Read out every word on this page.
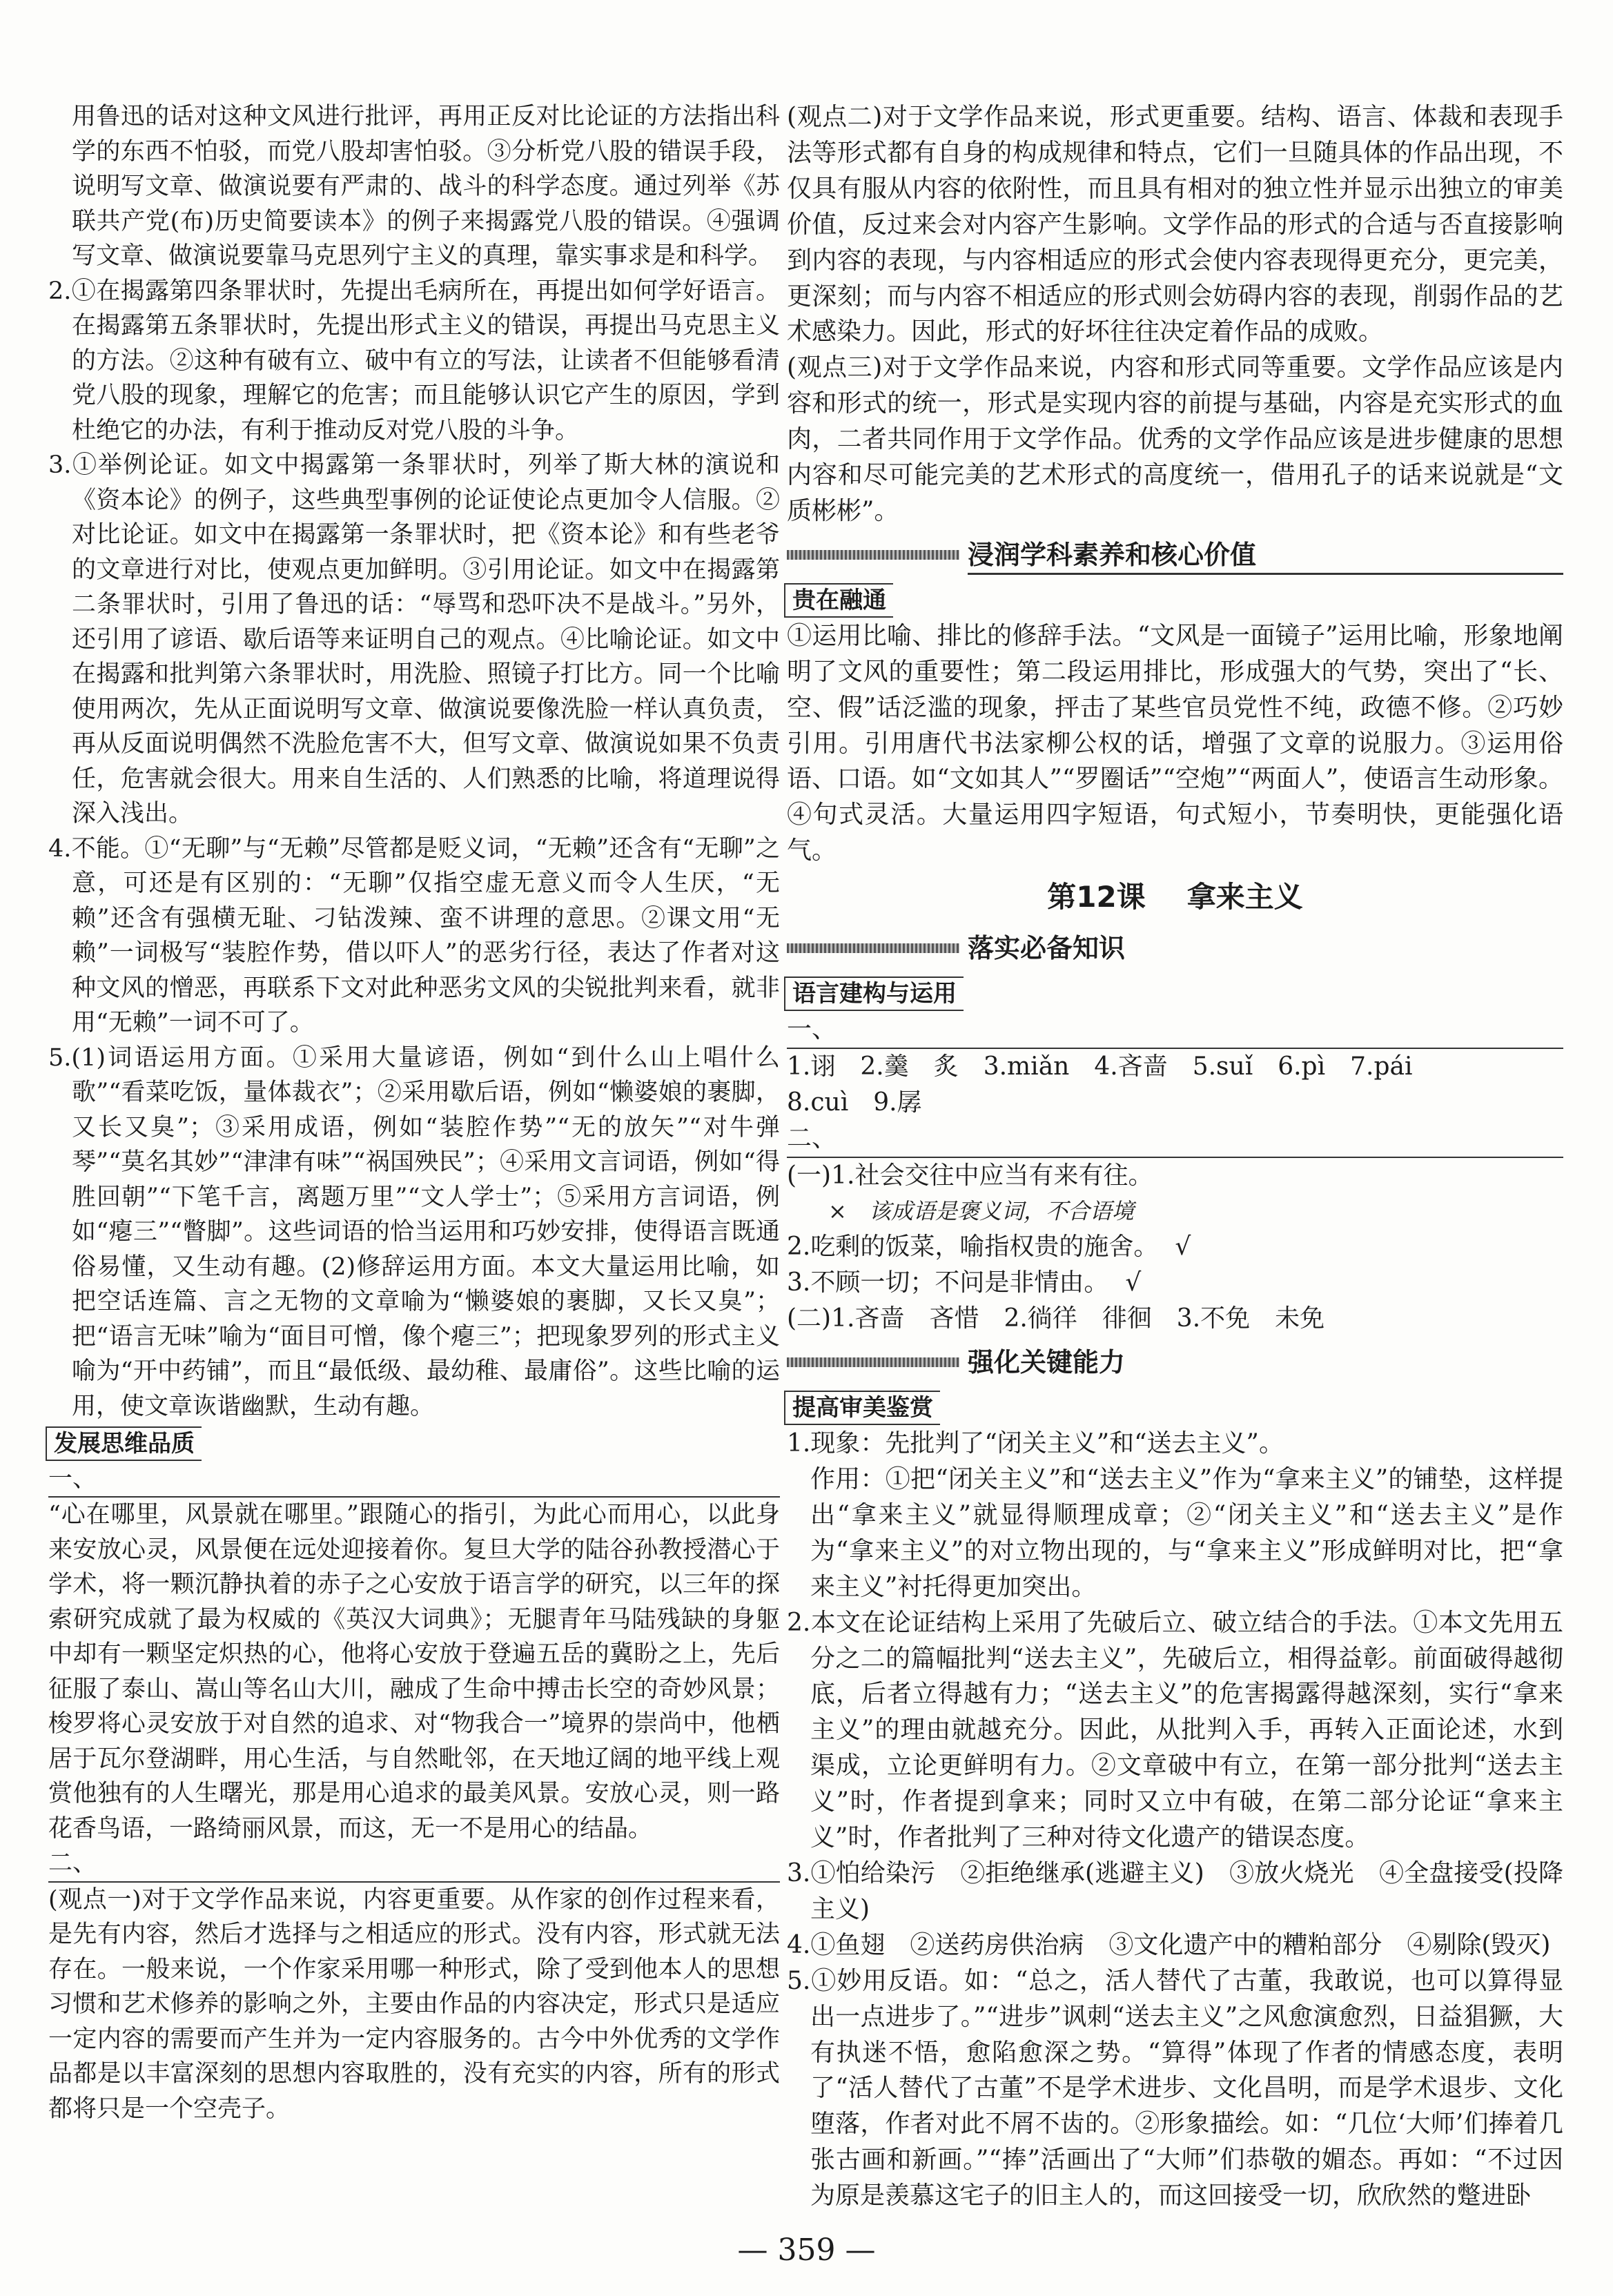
用鲁迅的话对这种文风进行批评，再用正反对比论证的方法指出科学的东西不怕驳，而党八股却害怕驳。③分析党八股的错误手段，说明写文章、做演说要有严肃的、战斗的科学态度。通过列举《苏联共产党(布)历史简要读本》的例子来揭露党八股的错误。④强调写文章、做演说要靠马克思列宁主义的真理，靠实事求是和科学。

2.①在揭露第四条罪状时，先提出毛病所在，再提出如何学好语言。在揭露第五条罪状时，先提出形式主义的错误，再提出马克思主义的方法。②这种有破有立、破中有立的写法，让读者不但能够看清党八股的现象，理解它的危害；而且能够认识它产生的原因，学到杜绝它的办法，有利于推动反对党八股的斗争。

3.①举例论证。如文中揭露第一条罪状时，列举了斯大林的演说和《资本论》的例子，这些典型事例的论证使论点更加令人信服。②对比论证。如文中在揭露第一条罪状时，把《资本论》和有些老爷的文章进行对比，使观点更加鲜明。③引用论证。如文中在揭露第二条罪状时，引用了鲁迅的话：“辱骂和恐吓决不是战斗。”另外，还引用了谚语、歇后语等来证明自己的观点。④比喻论证。如文中在揭露和批判第六条罪状时，用洗脸、照镜子打比方。同一个比喻使用两次，先从正面说明写文章、做演说要像洗脸一样认真负责，再从反面说明偶然不洗脸危害不大，但写文章、做演说如果不负责任，危害就会很大。用来自生活的、人们熟悉的比喻，将道理说得深入浅出。

4.不能。①“无聊”与“无赖”尽管都是贬义词，“无赖”还含有“无聊”之意，可还是有区别的：“无聊”仅指空虚无意义而令人生厌，“无赖”还含有强横无耻、刁钻泼辣、蛮不讲理的意思。②课文用“无赖”一词极写“装腔作势，借以吓人”的恶劣行径，表达了作者对这种文风的憎恶，再联系下文对此种恶劣文风的尖锐批判来看，就非用“无赖”一词不可了。

5.(1)词语运用方面。①采用大量谚语，例如“到什么山上唱什么歌”“看菜吃饭，量体裁衣”；②采用歇后语，例如“懒婆娘的裹脚，又长又臭”；③采用成语，例如“装腔作势”“无的放矢”“对牛弹琴”“莫名其妙”“津津有味”“祸国殃民”；④采用文言词语，例如“得胜回朝”“下笔千言，离题万里”“文人学士”；⑤采用方言词语，例如“瘪三”“瞥脚”。这些词语的恰当运用和巧妙安排，使得语言既通俗易懂，又生动有趣。(2)修辞运用方面。本文大量运用比喻，如把空话连篇、言之无物的文章喻为“懒婆娘的裹脚，又长又臭”；把“语言无味”喻为“面目可憎，像个瘪三”；把现象罗列的形式主义喻为“开中药铺”，而且“最低级、最幼稚、最庸俗”。这些比喻的运用，使文章诙谐幽默，生动有趣。

发展思维品质

一、

“心在哪里，风景就在哪里。”跟随心的指引，为此心而用心，以此身来安放心灵，风景便在远处迎接着你。复旦大学的陆谷孙教授潜心于学术，将一颗沉静执着的赤子之心安放于语言学的研究，以三年的探索研究成就了最为权威的《英汉大词典》；无腿青年马陆残缺的身躯中却有一颗坚定炽热的心，他将心安放于登遍五岳的冀盼之上，先后征服了泰山、嵩山等名山大川，融成了生命中搏击长空的奇妙风景；梭罗将心灵安放于对自然的追求、对“物我合一”境界的崇尚中，他栖居于瓦尔登湖畔，用心生活，与自然毗邻，在天地辽阔的地平线上观赏他独有的人生曙光，那是用心追求的最美风景。安放心灵，则一路花香鸟语，一路绮丽风景，而这，无一不是用心的结晶。

二、

(观点一)对于文学作品来说，内容更重要。从作家的创作过程来看，是先有内容，然后才选择与之相适应的形式。没有内容，形式就无法存在。一般来说，一个作家采用哪一种形式，除了受到他本人的思想习惯和艺术修养的影响之外，主要由作品的内容决定，形式只是适应一定内容的需要而产生并为一定内容服务的。古今中外优秀的文学作品都是以丰富深刻的思想内容取胜的，没有充实的内容，所有的形式都将只是一个空壳子。

(观点二)对于文学作品来说，形式更重要。结构、语言、体裁和表现手法等形式都有自身的构成规律和特点，它们一旦随具体的作品出现，不仅具有服从内容的依附性，而且具有相对的独立性并显示出独立的审美价值，反过来会对内容产生影响。文学作品的形式的合适与否直接影响到内容的表现，与内容相适应的形式会使内容表现得更充分，更完美，更深刻；而与内容不相适应的形式则会妨碍内容的表现，削弱作品的艺术感染力。因此，形式的好坏往往决定着作品的成败。

(观点三)对于文学作品来说，内容和形式同等重要。文学作品应该是内容和形式的统一，形式是实现内容的前提与基础，内容是充实形式的血肉，二者共同作用于文学作品。优秀的文学作品应该是进步健康的思想内容和尽可能完美的艺术形式的高度统一，借用孔子的话来说就是“文质彬彬”。

浸润学科素养和核心价值
贵在融通

①运用比喻、排比的修辞手法。“文风是一面镜子”运用比喻，形象地阐明了文风的重要性；第二段运用排比，形成强大的气势，突出了“长、空、假”话泛滥的现象，抨击了某些官员党性不纯，政德不修。②巧妙引用。引用唐代书法家柳公权的话，增强了文章的说服力。③运用俗语、口语。如“文如其人”“罗圈话”“空炮”“两面人”，使语言生动形象。④句式灵活。大量运用四字短语，句式短小，节奏明快，更能强化语气。

第12课 拿来主义
落实必备知识
语言建构与运用

一、

1.诩　2.羹　炙　3.miǎn　4.吝啬　5.suǐ　6.pì　7.pái

8.cuì　9.孱

二、

(一)1.社会交往中应当有来有往。

×　该成语是褒义词，不合语境

2.吃剩的饭菜，喻指权贵的施舍。 √

3.不顾一切；不问是非情由。 √

(二)1.吝啬　吝惜　2.徜徉　徘徊　3.不免　未免

强化关键能力
提高审美鉴赏

1.现象：先批判了“闭关主义”和“送去主义”。

作用：①把“闭关主义”和“送去主义”作为“拿来主义”的铺垫，这样提出“拿来主义”就显得顺理成章；②“闭关主义”和“送去主义”是作为“拿来主义”的对立物出现的，与“拿来主义”形成鲜明对比，把“拿来主义”衬托得更加突出。

2.本文在论证结构上采用了先破后立、破立结合的手法。①本文先用五分之二的篇幅批判“送去主义”，先破后立，相得益彰。前面破得越彻底，后者立得越有力；“送去主义”的危害揭露得越深刻，实行“拿来主义”的理由就越充分。因此，从批判入手，再转入正面论述，水到渠成，立论更鲜明有力。②文章破中有立，在第一部分批判“送去主义”时，作者提到拿来；同时又立中有破，在第二部分论证“拿来主义”时，作者批判了三种对待文化遗产的错误态度。

3.①怕给染污　②拒绝继承(逃避主义)　③放火烧光　④全盘接受(投降主义)

4.①鱼翅　②送药房供治病　③文化遗产中的糟粕部分　④剔除(毁灭)

5.①妙用反语。如：“总之，活人替代了古董，我敢说，也可以算得显出一点进步了。”“进步”讽刺“送去主义”之风愈演愈烈，日益猖獗，大有执迷不悟，愈陷愈深之势。“算得”体现了作者的情感态度，表明了“活人替代了古董”不是学术进步、文化昌明，而是学术退步、文化堕落，作者对此不屑不齿的。②形象描绘。如：“几位‘大师’们捧着几张古画和新画。”“捧”活画出了“大师”们恭敬的媚态。再如：“不过因为原是羡慕这宅子的旧主人的，而这回接受一切，欣欣然的蹩进卧

— 359 —
